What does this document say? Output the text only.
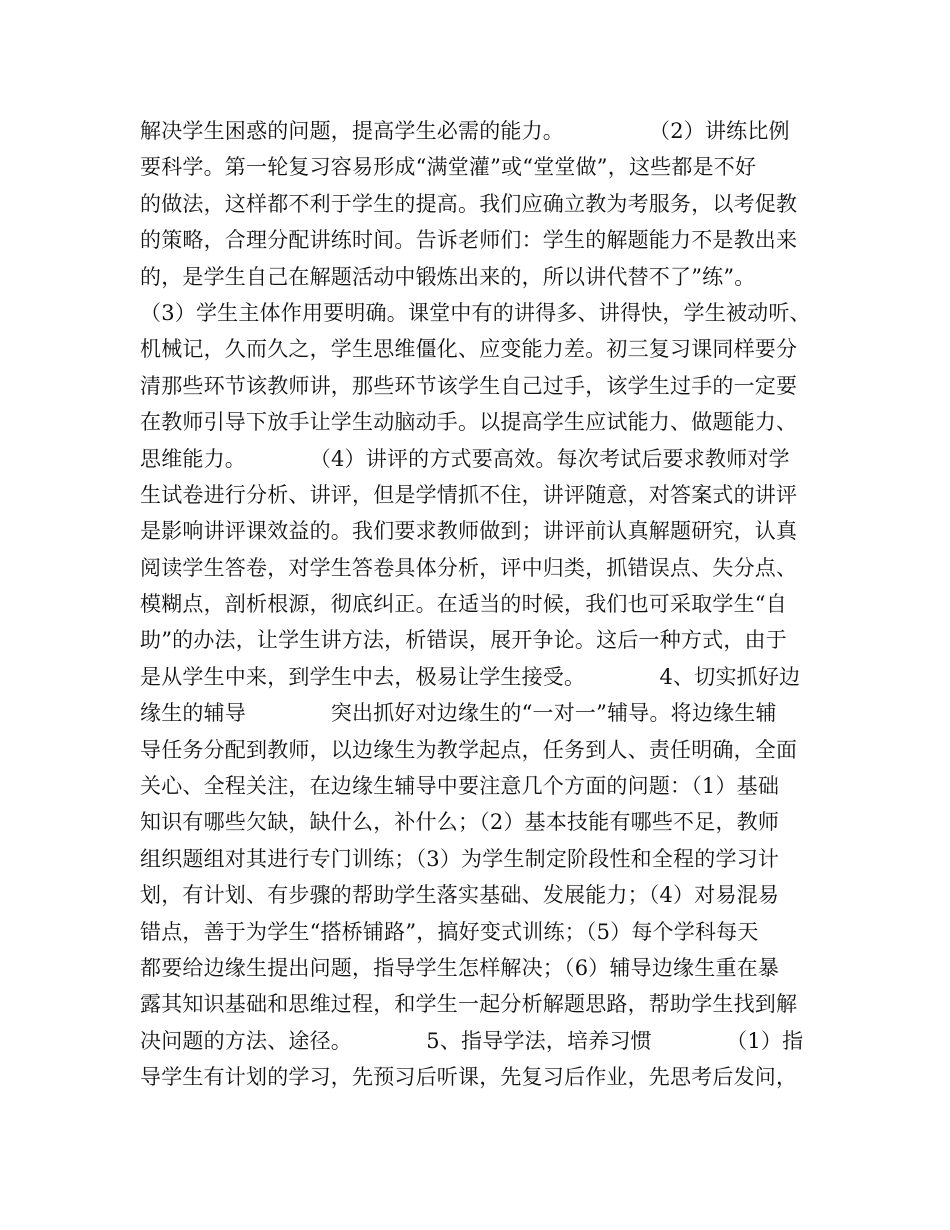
解决学生困惑的问题，提高学生必需的能力。　　　　　（2）讲练比例
要科学。第一轮复习容易形成“满堂灌”或“堂堂做”，这些都是不好
的做法，这样都不利于学生的提高。我们应确立教为考服务，以考促教
的策略，合理分配讲练时间。告诉老师们：学生的解题能力不是教出来
的，是学生自己在解题活动中锻炼出来的，所以讲代替不了”练”。
（3）学生主体作用要明确。课堂中有的讲得多、讲得快，学生被动听、
机械记，久而久之，学生思维僵化、应变能力差。初三复习课同样要分
清那些环节该教师讲，那些环节该学生自己过手，该学生过手的一定要
在教师引导下放手让学生动脑动手。以提高学生应试能力、做题能力、
思维能力。　　　　（4）讲评的方式要高效。每次考试后要求教师对学
生试卷进行分析、讲评，但是学情抓不住，讲评随意，对答案式的讲评
是影响讲评课效益的。我们要求教师做到；讲评前认真解题研究，认真
阅读学生答卷，对学生答卷具体分析，评中归类，抓错误点、失分点、
模糊点，剖析根源，彻底纠正。在适当的时候，我们也可采取学生“自
助”的办法，让学生讲方法，析错误，展开争论。这后一种方式，由于
是从学生中来，到学生中去，极易让学生接受。　　　　4、切实抓好边
缘生的辅导　　　　突出抓好对边缘生的“一对一”辅导。将边缘生辅
导任务分配到教师，以边缘生为教学起点，任务到人、责任明确，全面
关心、全程关注，在边缘生辅导中要注意几个方面的问题：（1）基础
知识有哪些欠缺，缺什么，补什么；（2）基本技能有哪些不足，教师
组织题组对其进行专门训练；（3）为学生制定阶段性和全程的学习计
划，有计划、有步骤的帮助学生落实基础、发展能力；（4）对易混易
错点，善于为学生“搭桥铺路”，搞好变式训练；（5）每个学科每天
都要给边缘生提出问题，指导学生怎样解决；（6）辅导边缘生重在暴
露其知识基础和思维过程，和学生一起分析解题思路，帮助学生找到解
决问题的方法、途径。　　　　5、指导学法，培养习惯　　　　（1）指
导学生有计划的学习，先预习后听课，先复习后作业，先思考后发问，
